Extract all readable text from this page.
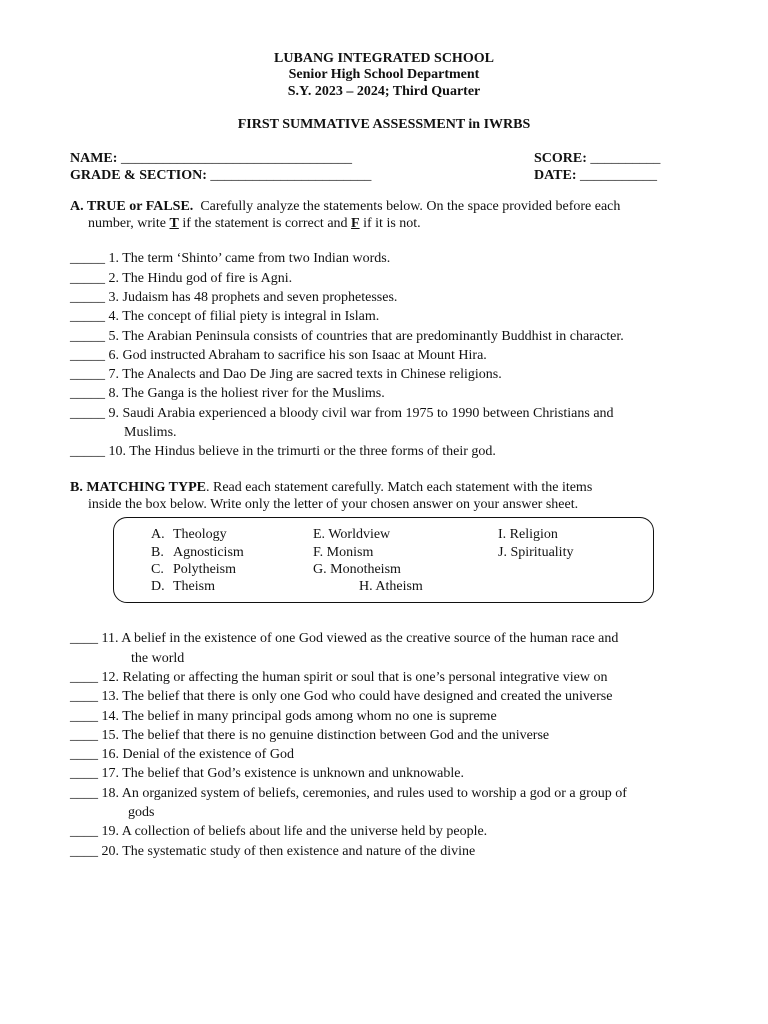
LUBANG INTEGRATED SCHOOL
Senior High School Department
S.Y. 2023 – 2024; Third Quarter
FIRST SUMMATIVE ASSESSMENT in IWRBS
NAME: _________________________________	SCORE: __________
GRADE & SECTION: _______________________	DATE: ___________
A. TRUE or FALSE. Carefully analyze the statements below. On the space provided before each
number, write T if the statement is correct and F if it is not.
_____ 1. The term ‘Shinto’ came from two Indian words.
_____ 2. The Hindu god of fire is Agni.
_____ 3. Judaism has 48 prophets and seven prophetesses.
_____ 4. The concept of filial piety is integral in Islam.
_____ 5. The Arabian Peninsula consists of countries that are predominantly Buddhist in character.
_____ 6. God instructed Abraham to sacrifice his son Isaac at Mount Hira.
_____ 7. The Analects and Dao De Jing are sacred texts in Chinese religions.
_____ 8. The Ganga is the holiest river for the Muslims.
_____ 9. Saudi Arabia experienced a bloody civil war from 1975 to 1990 between Christians and
Muslims.
_____ 10. The Hindus believe in the trimurti or the three forms of their god.
B. MATCHING TYPE. Read each statement carefully. Match each statement with the items
inside the box below. Write only the letter of your chosen answer on your answer sheet.
A. Theology
B. Agnosticism
C. Polytheism
D. Theism
E. Worldview
F. Monism
G. Monotheism
H. Atheism
I. Religion
J. Spirituality
____ 11. A belief in the existence of one God viewed as the creative source of the human race and
the world
____ 12. Relating or affecting the human spirit or soul that is one’s personal integrative view on
____ 13. The belief that there is only one God who could have designed and created the universe
____ 14. The belief in many principal gods among whom no one is supreme
____ 15. The belief that there is no genuine distinction between God and the universe
____ 16. Denial of the existence of God
____ 17. The belief that God’s existence is unknown and unknowable.
____ 18. An organized system of beliefs, ceremonies, and rules used to worship a god or a group of
gods
____ 19. A collection of beliefs about life and the universe held by people.
____ 20. The systematic study of then existence and nature of the divine
